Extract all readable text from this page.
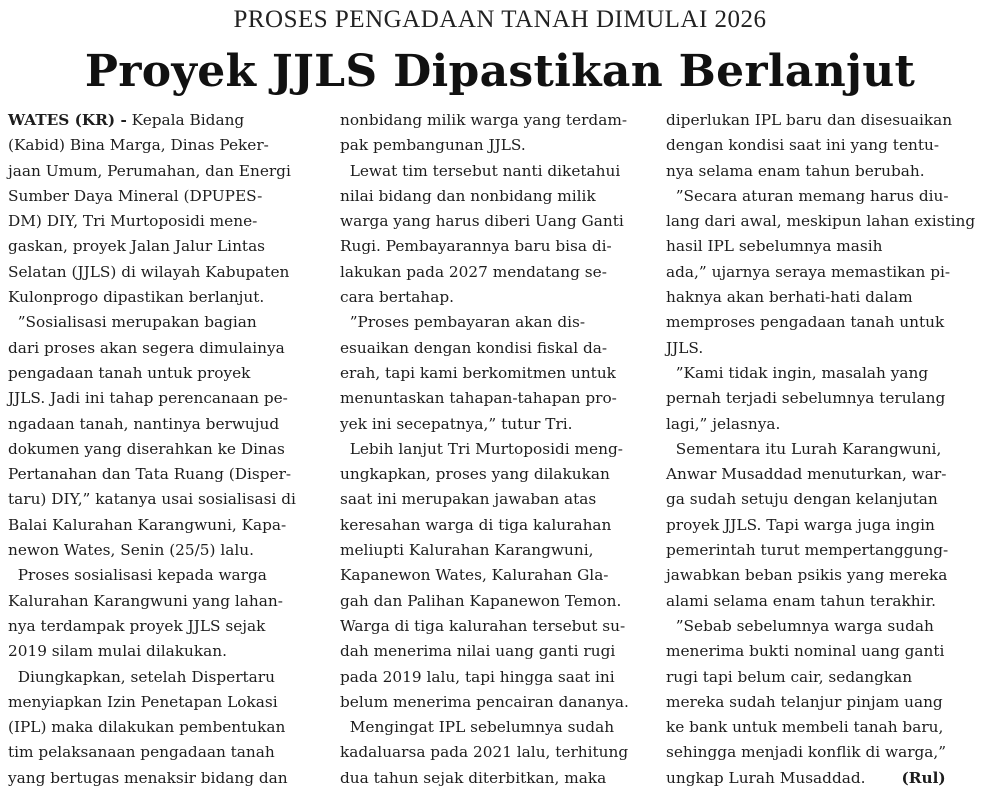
PROSES PENGADAAN TANAH DIMULAI 2026
Proyek JJLS Dipastikan Berlanjut
WATES (KR) - Kepala Bidang
(Kabid) Bina Marga, Dinas Peker-
jaan Umum, Perumahan, dan Energi
Sumber Daya Mineral (DPUPES-
DM) DIY, Tri Murtoposidi mene-
gaskan, proyek Jalan Jalur Lintas
Selatan (JJLS) di wilayah Kabupaten
Kulonprogo dipastikan berlanjut.
”Sosialisasi merupakan bagian
dari proses akan segera dimulainya
pengadaan tanah untuk proyek
JJLS. Jadi ini tahap perencanaan pe-
ngadaan tanah, nantinya berwujud
dokumen yang diserahkan ke Dinas
Pertanahan dan Tata Ruang (Disper-
taru) DIY,” katanya usai sosialisasi di
Balai Kalurahan Karangwuni, Kapa-
newon Wates, Senin (25/5) lalu.
Proses sosialisasi kepada warga
Kalurahan Karangwuni yang lahan-
nya terdampak proyek JJLS sejak
2019 silam mulai dilakukan.
Diungkapkan, setelah Dispertaru
menyiapkan Izin Penetapan Lokasi
(IPL) maka dilakukan pembentukan
tim pelaksanaan pengadaan tanah
yang bertugas menaksir bidang dan
nonbidang milik warga yang terdam-
pak pembangunan JJLS.
Lewat tim tersebut nanti diketahui
nilai bidang dan nonbidang milik
warga yang harus diberi Uang Ganti
Rugi. Pembayarannya baru bisa di-
lakukan pada 2027 mendatang se-
cara bertahap.
”Proses pembayaran akan dis-
esuaikan dengan kondisi fiskal da-
erah, tapi kami berkomitmen untuk
menuntaskan tahapan-tahapan pro-
yek ini secepatnya,” tutur Tri.
Lebih lanjut Tri Murtoposidi meng-
ungkapkan, proses yang dilakukan
saat ini merupakan jawaban atas
keresahan warga di tiga kalurahan
meliupti Kalurahan Karangwuni,
Kapanewon Wates, Kalurahan Gla-
gah dan Palihan Kapanewon Temon.
Warga di tiga kalurahan tersebut su-
dah menerima nilai uang ganti rugi
pada 2019 lalu, tapi hingga saat ini
belum menerima pencairan dananya.
Mengingat IPL sebelumnya sudah
kadaluarsa pada 2021 lalu, terhitung
dua tahun sejak diterbitkan, maka
diperlukan IPL baru dan disesuaikan
dengan kondisi saat ini yang tentu-
nya selama enam tahun berubah.
”Secara aturan memang harus diu-
lang dari awal, meskipun lahan existing
hasil IPL sebelumnya masih
ada,” ujarnya seraya memastikan pi-
haknya akan berhati-hati dalam
memproses pengadaan tanah untuk
JJLS.
”Kami tidak ingin, masalah yang
pernah terjadi sebelumnya terulang
lagi,” jelasnya.
Sementara itu Lurah Karangwuni,
Anwar Musaddad menuturkan, war-
ga sudah setuju dengan kelanjutan
proyek JJLS. Tapi warga juga ingin
pemerintah turut mempertanggung-
jawabkan beban psikis yang mereka
alami selama enam tahun terakhir.
”Sebab sebelumnya warga sudah
menerima bukti nominal uang ganti
rugi tapi belum cair, sedangkan
mereka sudah telanjur pinjam uang
ke bank untuk membeli tanah baru,
sehingga menjadi konflik di warga,”
ungkap Lurah Musaddad. (Rul)
